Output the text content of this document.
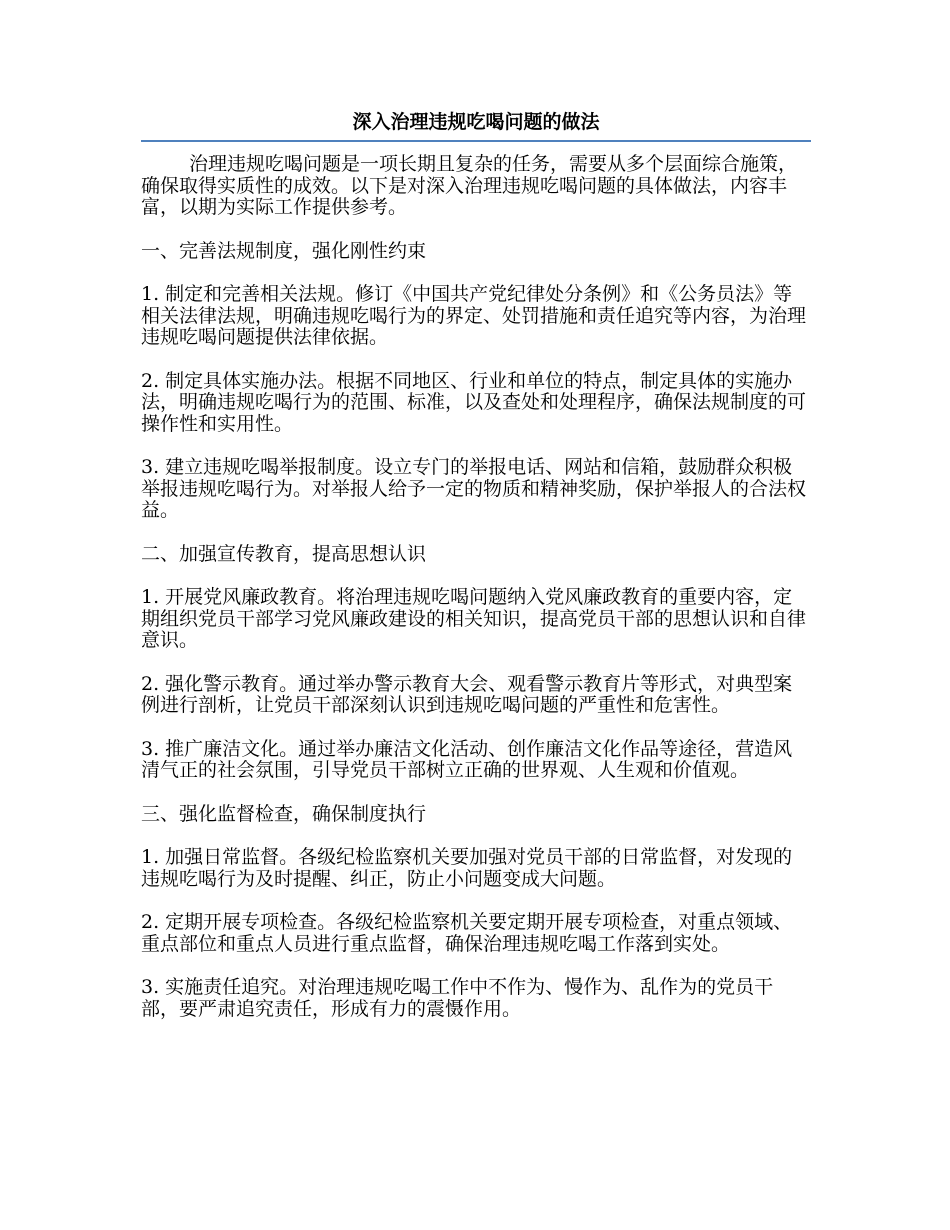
深入治理违规吃喝问题的做法

治理违规吃喝问题是一项长期且复杂的任务，需要从多个层面综合施策，确保取得实质性的成效。以下是对深入治理违规吃喝问题的具体做法，内容丰富，以期为实际工作提供参考。

一、完善法规制度，强化刚性约束

1. 制定和完善相关法规。修订《中国共产党纪律处分条例》和《公务员法》等相关法律法规，明确违规吃喝行为的界定、处罚措施和责任追究等内容，为治理违规吃喝问题提供法律依据。

2. 制定具体实施办法。根据不同地区、行业和单位的特点，制定具体的实施办法，明确违规吃喝行为的范围、标准，以及查处和处理程序，确保法规制度的可操作性和实用性。

3. 建立违规吃喝举报制度。设立专门的举报电话、网站和信箱，鼓励群众积极举报违规吃喝行为。对举报人给予一定的物质和精神奖励，保护举报人的合法权益。

二、加强宣传教育，提高思想认识

1. 开展党风廉政教育。将治理违规吃喝问题纳入党风廉政教育的重要内容，定期组织党员干部学习党风廉政建设的相关知识，提高党员干部的思想认识和自律意识。

2. 强化警示教育。通过举办警示教育大会、观看警示教育片等形式，对典型案例进行剖析，让党员干部深刻认识到违规吃喝问题的严重性和危害性。

3. 推广廉洁文化。通过举办廉洁文化活动、创作廉洁文化作品等途径，营造风清气正的社会氛围，引导党员干部树立正确的世界观、人生观和价值观。

三、强化监督检查，确保制度执行

1. 加强日常监督。各级纪检监察机关要加强对党员干部的日常监督，对发现的违规吃喝行为及时提醒、纠正，防止小问题变成大问题。

2. 定期开展专项检查。各级纪检监察机关要定期开展专项检查，对重点领域、重点部位和重点人员进行重点监督，确保治理违规吃喝工作落到实处。

3. 实施责任追究。对治理违规吃喝工作中不作为、慢作为、乱作为的党员干部，要严肃追究责任，形成有力的震慑作用。
